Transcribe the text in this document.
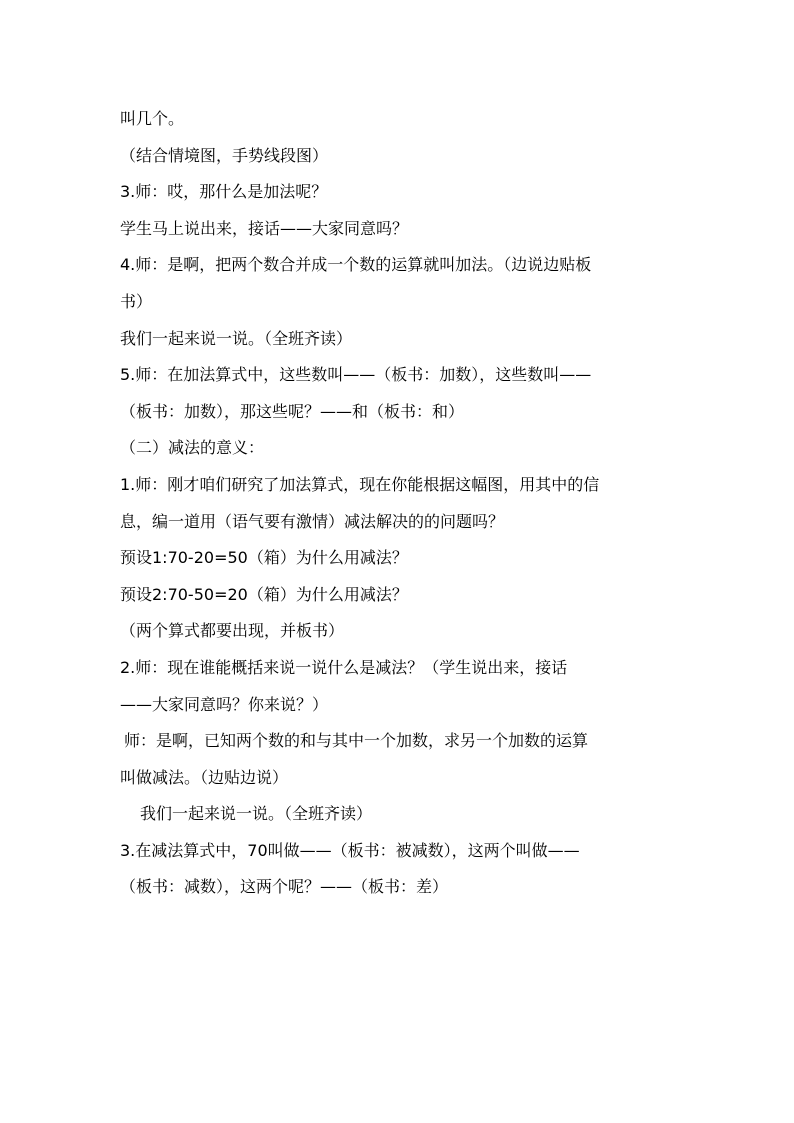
叫几个。
（结合情境图，手势线段图）
3.师：哎，那什么是加法呢？
学生马上说出来，接话——大家同意吗？
4.师：是啊，把两个数合并成一个数的运算就叫加法。（边说边贴板
书）
我们一起来说一说。（全班齐读）
5.师：在加法算式中，这些数叫——（板书：加数），这些数叫——
（板书：加数），那这些呢？——和（板书：和）
（二）减法的意义：
1.师：刚才咱们研究了加法算式，现在你能根据这幅图，用其中的信
息，编一道用（语气要有激情）减法解决的的问题吗？
预设1:70-20=50（箱）为什么用减法？
预设2:70-50=20（箱）为什么用减法？
（两个算式都要出现，并板书）
2.师：现在谁能概括来说一说什么是减法？（学生说出来，接话
——大家同意吗？你来说？）
师：是啊，已知两个数的和与其中一个加数，求另一个加数的运算
叫做减法。（边贴边说）
我们一起来说一说。（全班齐读）
3.在减法算式中，70叫做——（板书：被减数），这两个叫做——
（板书：减数），这两个呢？——（板书：差）
